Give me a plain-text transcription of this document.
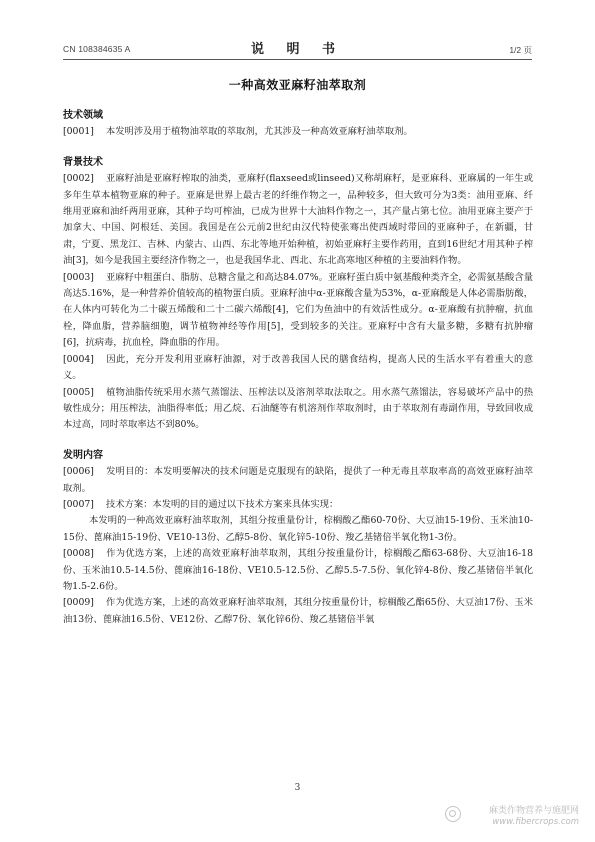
CN 108384635 A	说 明 书	1/2 页
一种高效亚麻籽油萃取剂
技术领域

[0001] 本发明涉及用于植物油萃取的萃取剂，尤其涉及一种高效亚麻籽油萃取剂。

背景技术

[0002] 亚麻籽油是亚麻籽榨取的油类，亚麻籽(flaxseed或linseed)又称胡麻籽，是亚麻科、亚麻属的一年生或多年生草本植物亚麻的种子。亚麻是世界上最古老的纤维作物之一，品种较多，但大致可分为3类：油用亚麻、纤维用亚麻和油纤两用亚麻，其种子均可榨油，已成为世界十大油料作物之一，其产量占第七位。油用亚麻主要产于加拿大、中国、阿根廷、美国。我国是在公元前2世纪由汉代特使张骞出使西域时带回的亚麻种子，在新疆，甘肃，宁夏、黑龙江、吉林、内蒙古、山西、东北等地开始种植，初始亚麻籽主要作药用，直到16世纪才用其种子榨油[3]，如今是我国主要经济作物之一，也是我国华北、西北、东北高寒地区种植的主要油料作物。

[0003] 亚麻籽中粗蛋白、脂肪、总糖含量之和高达84.07%。亚麻籽蛋白质中氨基酸种类齐全，必需氨基酸含量高达5.16%，是一种营养价值较高的植物蛋白质。亚麻籽油中α-亚麻酸含量为53%，α-亚麻酸是人体必需脂肪酸，在人体内可转化为二十碳五烯酸和二十二碳六烯酸[4]，它们为鱼油中的有效活性成分。α-亚麻酸有抗肿瘤，抗血栓，降血脂，营养脑细胞，调节植物神经等作用[5]，受到较多的关注。亚麻籽中含有大量多糖，多糖有抗肿瘤[6]，抗病毒，抗血栓，降血脂的作用。

[0004] 因此，充分开发利用亚麻籽油源，对于改善我国人民的膳食结构，提高人民的生活水平有着重大的意义。

[0005] 植物油脂传统采用水蒸气蒸馏法、压榨法以及溶剂萃取法取之。用水蒸气蒸馏法，容易破坏产品中的热敏性成分；用压榨法，油脂得率低；用乙烷、石油醚等有机溶剂作萃取剂时，由于萃取剂有毒副作用，导致回收成本过高，同时萃取率达不到80%。

发明内容

[0006] 发明目的：本发明要解决的技术问题是克服现有的缺陷，提供了一种无毒且萃取率高的高效亚麻籽油萃取剂。

[0007] 技术方案：本发明的目的通过以下技术方案来具体实现：

本发明的一种高效亚麻籽油萃取剂，其组分按重量份计，棕榈酸乙酯60-70份、大豆油15-19份、玉米油10-15份、蓖麻油15-19份、VE10-13份、乙醇5-8份、氧化锌5-10份、羧乙基锗倍半氧化物1-3份。

[0008] 作为优选方案，上述的高效亚麻籽油萃取剂，其组分按重量份计，棕榈酸乙酯63-68份、大豆油16-18份、玉米油10.5-14.5份、蓖麻油16-18份、VE10.5-12.5份、乙醇5.5-7.5份、氧化锌4-8份、羧乙基锗倍半氧化物1.5-2.6份。

[0009] 作为优选方案，上述的高效亚麻籽油萃取剂，其组分按重量份计，棕榈酸乙酯65份、大豆油17份、玉米油13份、蓖麻油16.5份、VE12份、乙醇7份、氧化锌6份、羧乙基锗倍半氧

3
麻类作物营养与施肥网
www.fibercrops.com
